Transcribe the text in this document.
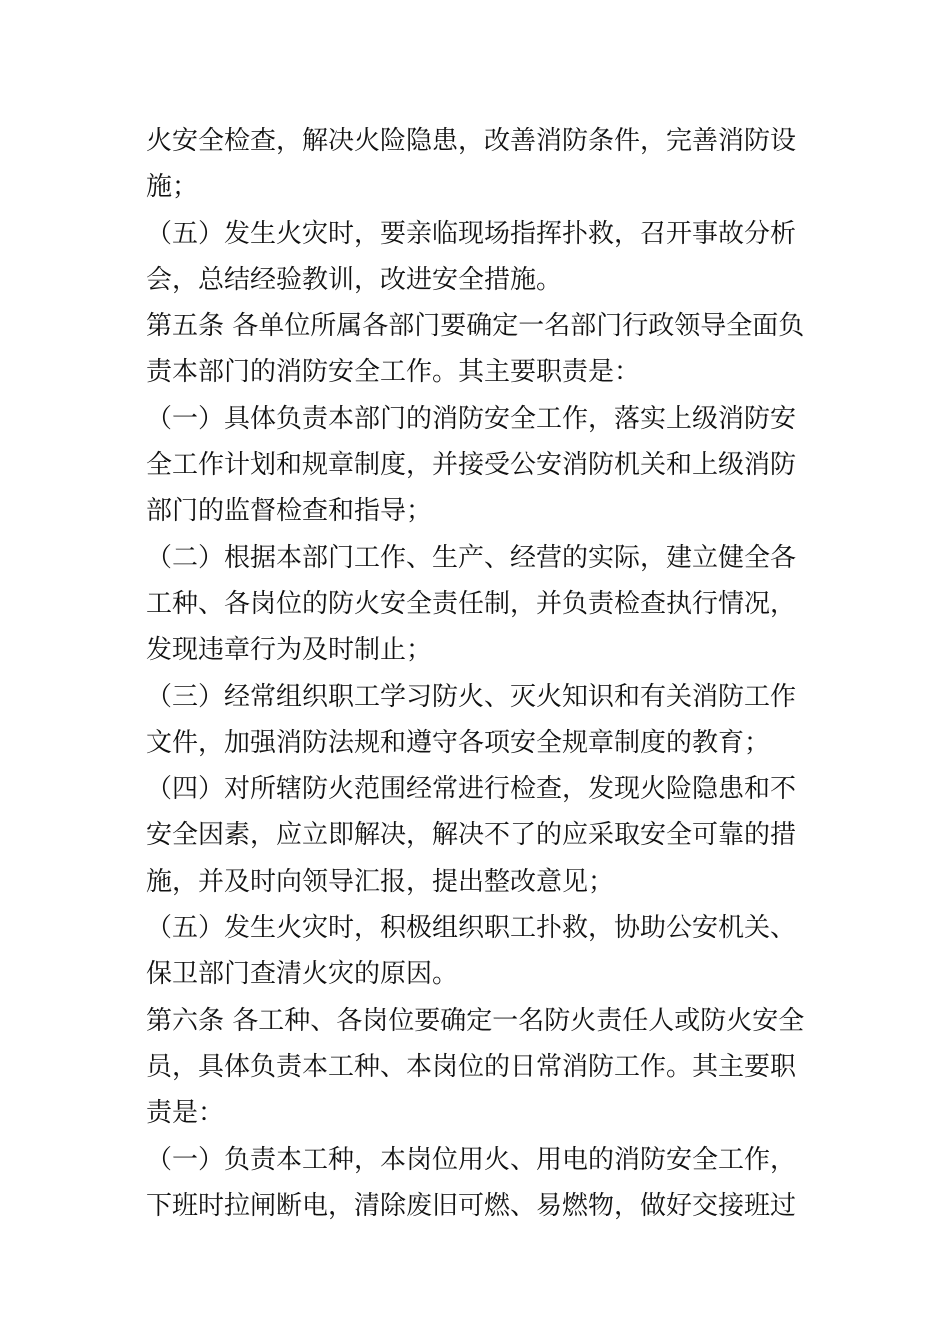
火安全检查，解决火险隐患，改善消防条件，完善消防设
施；
（五）发生火灾时，要亲临现场指挥扑救，召开事故分析
会，总结经验教训，改进安全措施。
第五条 各单位所属各部门要确定一名部门行政领导全面负
责本部门的消防安全工作。其主要职责是：
（一）具体负责本部门的消防安全工作，落实上级消防安
全工作计划和规章制度，并接受公安消防机关和上级消防
部门的监督检查和指导；
（二）根据本部门工作、生产、经营的实际，建立健全各
工种、各岗位的防火安全责任制，并负责检查执行情况，
发现违章行为及时制止；
（三）经常组织职工学习防火、灭火知识和有关消防工作
文件，加强消防法规和遵守各项安全规章制度的教育；
（四）对所辖防火范围经常进行检查，发现火险隐患和不
安全因素，应立即解决，解决不了的应采取安全可靠的措
施，并及时向领导汇报，提出整改意见；
（五）发生火灾时，积极组织职工扑救，协助公安机关、
保卫部门查清火灾的原因。
第六条 各工种、各岗位要确定一名防火责任人或防火安全
员，具体负责本工种、本岗位的日常消防工作。其主要职
责是：
（一）负责本工种，本岗位用火、用电的消防安全工作，
下班时拉闸断电，清除废旧可燃、易燃物，做好交接班过
